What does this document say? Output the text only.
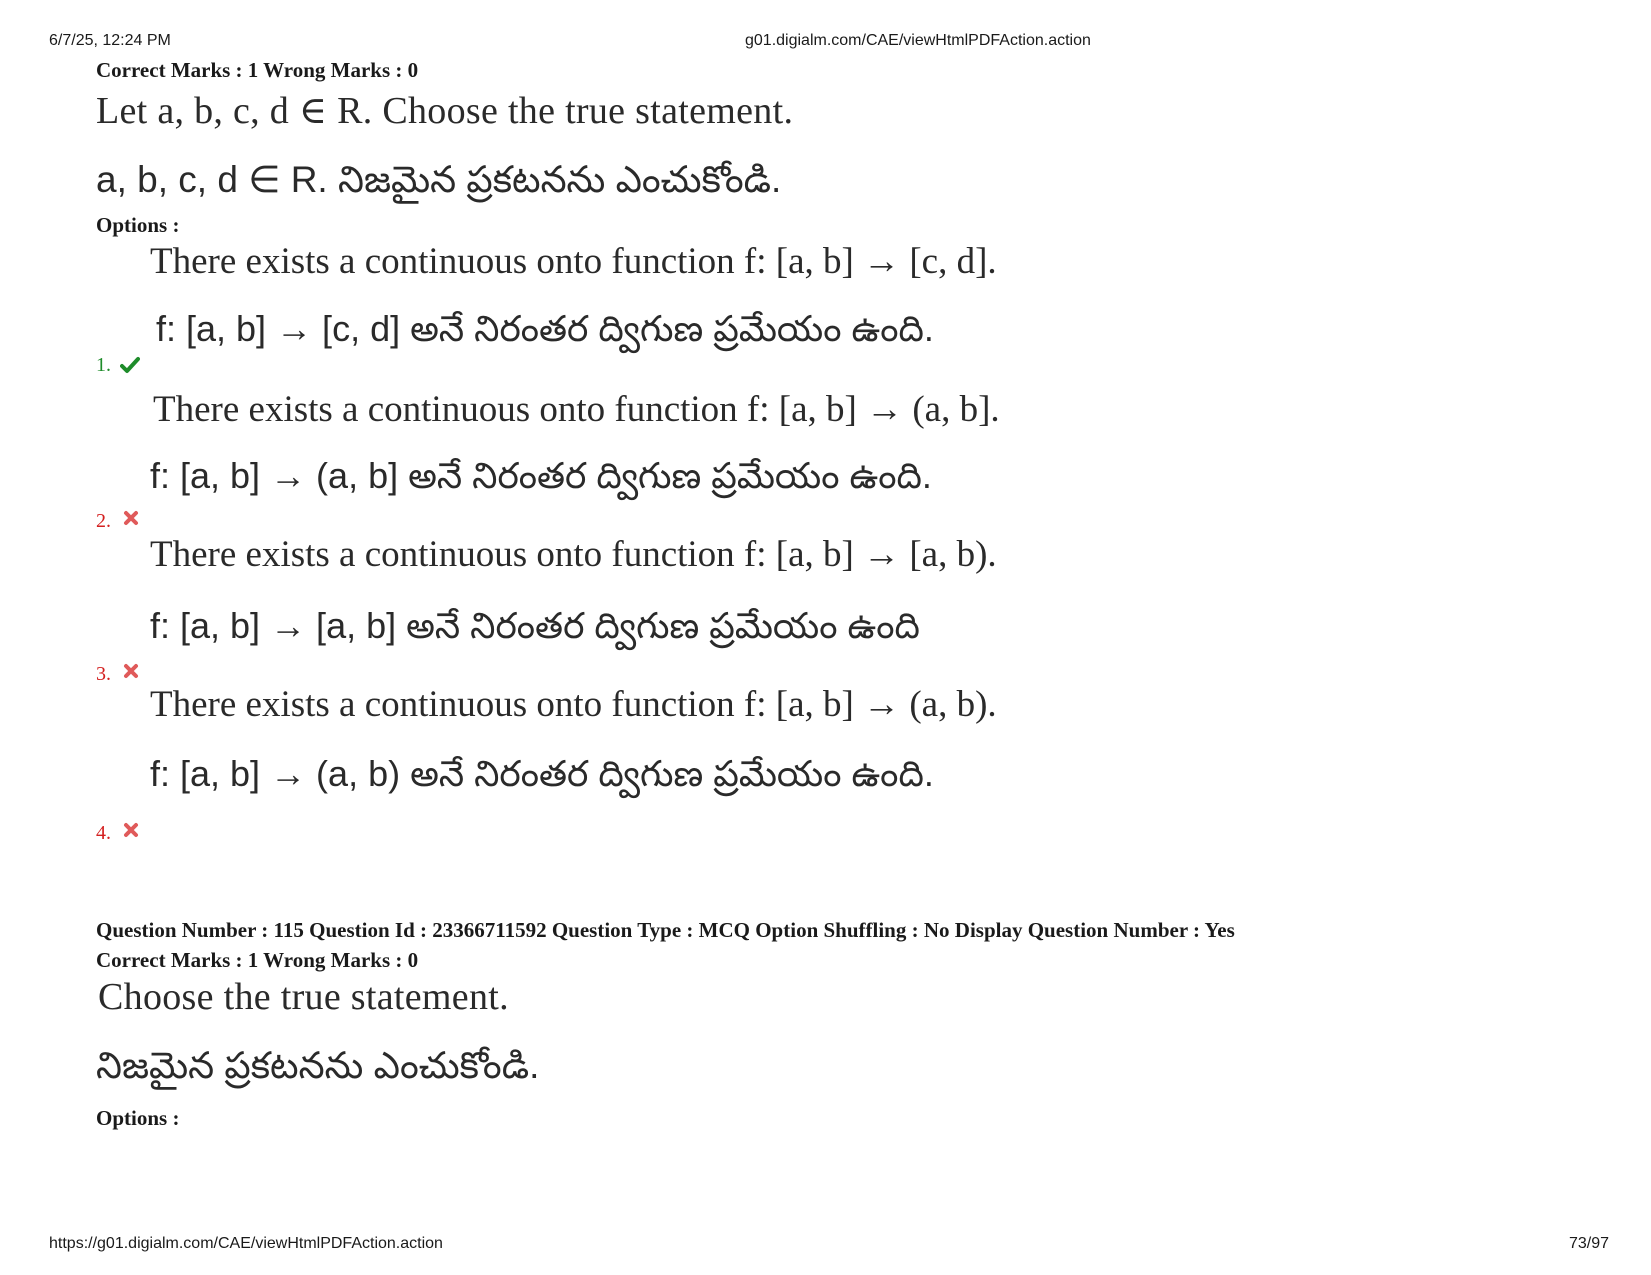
6/7/25, 12:24 PM	g01.digialm.com/CAE/viewHtmlPDFAction.action
Correct Marks : 1 Wrong Marks : 0
Let a, b, c, d ∈ R. Choose the true statement.
a, b, c, d ∈ R. నిజమైన ప్రకటనను ఎంచుకోండి.
Options :
There exists a continuous onto function f: [a, b] → [c, d].
f: [a, b] → [c, d] అనే నిరంతర ద్విగుణ ప్రమేయం ఉంది.
1.
There exists a continuous onto function f: [a, b] → (a, b].
f: [a, b] → (a, b] అనే నిరంతర ద్విగుణ ప్రమేయం ఉంది.
2.
There exists a continuous onto function f: [a, b] → [a, b).
f: [a, b] → [a, b] అనే నిరంతర ద్విగుణ ప్రమేయం ఉంది
3.
There exists a continuous onto function f: [a, b] → (a, b).
f: [a, b] → (a, b) అనే నిరంతర ద్విగుణ ప్రమేయం ఉంది.
4.
Question Number : 115 Question Id : 23366711592 Question Type : MCQ Option Shuffling : No Display Question Number : Yes
Correct Marks : 1 Wrong Marks : 0
Choose the true statement.
నిజమైన ప్రకటనను ఎంచుకోండి.
Options :
https://g01.digialm.com/CAE/viewHtmlPDFAction.action	73/97
